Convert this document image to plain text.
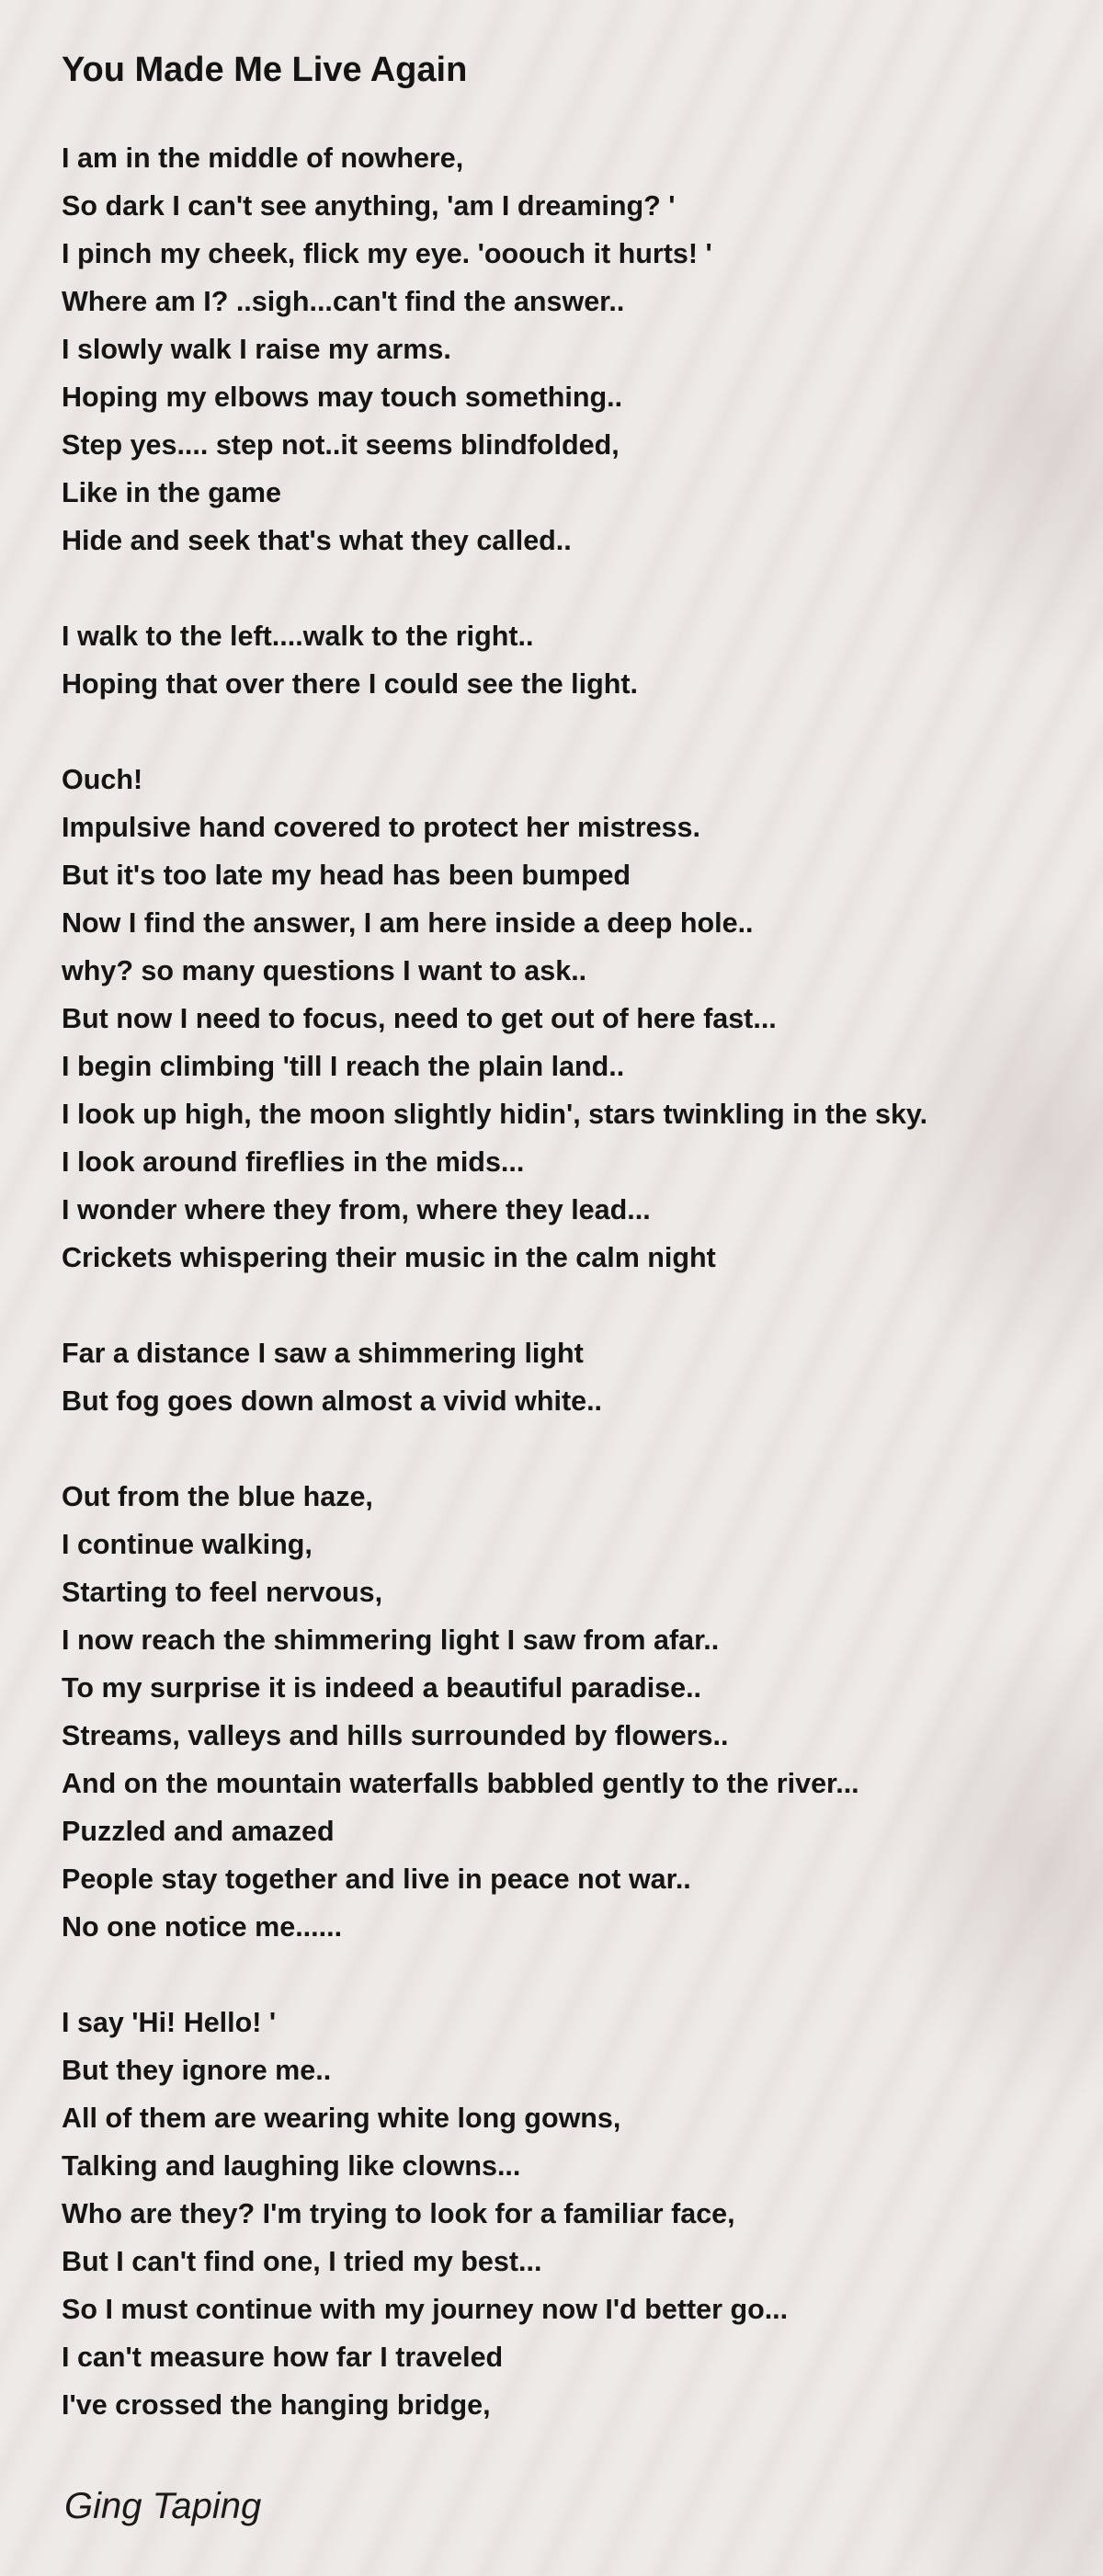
You Made Me Live Again
I am in the middle of nowhere,
So dark I can't see anything, 'am I dreaming? '
I pinch my cheek, flick my eye. 'ooouch it hurts! '
Where am I? ..sigh...can't find the answer..
I slowly walk I raise my arms.
Hoping my elbows may touch something..
Step yes.... step not..it seems blindfolded,
Like in the game
Hide and seek that's what they called..
I walk to the left....walk to the right..
Hoping that over there I could see the light.
Ouch!
Impulsive hand covered to protect her mistress.
But it's too late my head has been bumped
Now I find the answer, I am here inside a deep hole..
why? so many questions I want to ask..
But now I need to focus, need to get out of here fast...
I begin climbing 'till I reach the plain land..
I look up high, the moon slightly hidin', stars twinkling in the sky.
I look around fireflies in the mids...
I wonder where they from, where they lead...
Crickets whispering their music in the calm night
Far a distance I saw a shimmering light
But fog goes down almost a vivid white..
Out from the blue haze,
I continue walking,
Starting to feel nervous,
I now reach the shimmering light I saw from afar..
To my surprise it is indeed a beautiful paradise..
Streams, valleys and hills surrounded by flowers..
And on the mountain waterfalls babbled gently to the river...
Puzzled and amazed
People stay together and live in peace not war..
No one notice me......
I say 'Hi! Hello! '
But they ignore me..
All of them are wearing white long gowns,
Talking and laughing like clowns...
Who are they? I'm trying to look for a familiar face,
But I can't find one, I tried my best...
So I must continue with my journey now I'd better go...
I can't measure how far I traveled
I've crossed the hanging bridge,
Ging Taping
